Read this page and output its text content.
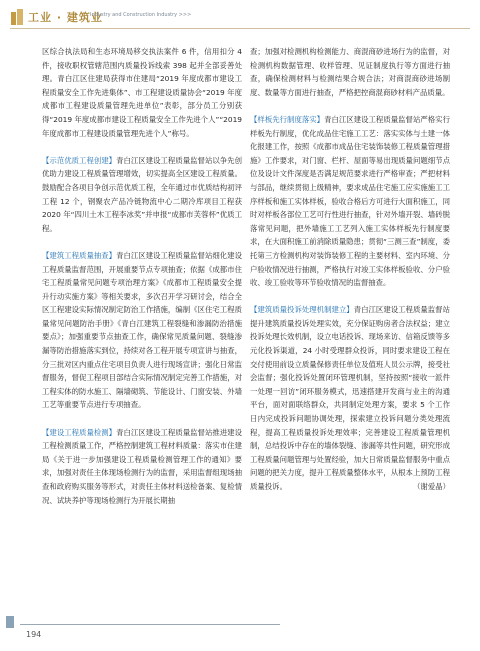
工业 · 建筑业
Industry and Construction Industry >>>

区综合执法局和生态环境局移交执法案件 6 件，信用扣分 4 件，接收职权管辖范围内质量投诉线索 398 起并全部妥善处理。青白江区住建局获得市住建局“2019 年度成都市建设工程质量安全工作先进集体”、市工程建设质量协会“2019 年度成都市工程建设质量管理先进单位”表彰，部分员工分别获得“2019 年度成都市建设工程质量安全工作先进个人”“2019 年度成都市工程建设质量管理先进个人”称号。

【示范优质工程创建】青白江区建设工程质量监督站以争先创优助力建设工程质量管理增效，切实提高全区建设工程质量。鼓励配合各项目争创示范优质工程，全年通过市优质结构初评工程 12 个，钢聚农产品冷链物流中心二期冷库项目工程获 2020 年“四川土木工程李冰奖”并申报“成都市芙蓉杯”优质工程。

【建筑工程质量抽查】青白江区建设工程质量监督站细化建设工程质量监督范围，开展重要节点专项抽查；依据《成都市住宅工程质量常见问题专项治理方案》《成都市工程质量安全提升行动实施方案》等相关要求，多次召开学习研讨会，结合全区工程建设实际情况制定防治工作措施，编制《区住宅工程质量常见问题防治手册》《青白江建筑工程裂缝和渗漏防治措施要点》；加强重要节点抽查工作，确保常见质量问题、裂缝渗漏等防治措施落实到位，持续对各工程开展专项宣讲与抽查，分三批对区内重点住宅项目负责人进行现场宣讲；强化日常监督服务，督促工程项目部结合实际情况制定完善工作措施，对工程实体的防水施工、隔墙砌筑、节能设计、门窗安装、外墙工艺等重要节点进行专项抽查。

【建设工程质量检测】青白江区建设工程质量监督站推进建设工程检测质量工作，严格控制建筑工程材料质量：落实市住建局《关于进一步加强建设工程质量检测管理工作的通知》要求，加强对责任主体现场检测行为的监督，采用监督组现场抽查和政府购买服务等形式，对责任主体材料送检备案、复检情况、试块养护等现场检测行为开展长期抽

查；加强对检测机构检测能力、商混商砂进场行为的监督，对检测机构数据管理、收样管理、见证制度执行等方面进行抽查，确保检测材料与检测结果合规合法；对商混商砂进场制度、数量等方面进行抽查，严格把控商混商砂材料产品质量。

【样板先行制度落实】青白江区建设工程质量监督站严格实行样板先行制度，优化成品住宅施工工艺：落实实体与土建一体化报建工作，按照《成都市成品住宅装饰装修工程质量管理措施》工作要求，对门窗、栏杆、屋面等易出现质量问题细节点位及设计文件深度是否满足规范要求进行严格审查；严把材料与部品，继续贯彻上级精神，要求成品住宅施工应实施施工工序样板和施工实体样板，验收合格后方可进行大面积施工，同时对样板各部位工艺可行性进行抽查，针对外墙开裂、墙砖脱落常见问题，把外墙施工工艺列入施工实体样板先行制度要求，在大面积施工前消除质量隐患；贯彻“三测三查”制度，委托第三方检测机构对装饰装修工程的主要材料、室内环境、分户验收情况进行抽测，严格执行对竣工实体样板验收、分户验收、竣工验收等环节验收情况的监督抽查。

【建筑质量投诉处理机制建立】青白江区建设工程质量监督站提升建筑质量投诉处理实效，充分保证购房者合法权益；建立投诉处理长效机制，设立电话投诉、现场来访、信箱反馈等多元化投诉渠道，24 小时受理群众投诉，同时要求建设工程在交付使用前设立质量保修责任单位及值班人员公示牌，接受社会监督；强化投诉处置闭环管理机制，坚持按照“接收一派件一处理一回访”闭环服务模式，迅速搭建开发商与业主的沟通平台，面对面联络群众，共同制定处理方案，要求 5 个工作日内完成投诉问题协调处理，探索建立投诉问题分类处理流程，提高工程质量投诉处理效率；完善建设工程质量管理机制，总结投诉中存在的墙体裂缝、渗漏等共性问题，研究形成工程质量问题管理与处置经验，加大日常质量监督服务中重点问题的把关力度，提升工程质量整体水平，从根本上预防工程质量投诉。	（谢爱晶）

194
